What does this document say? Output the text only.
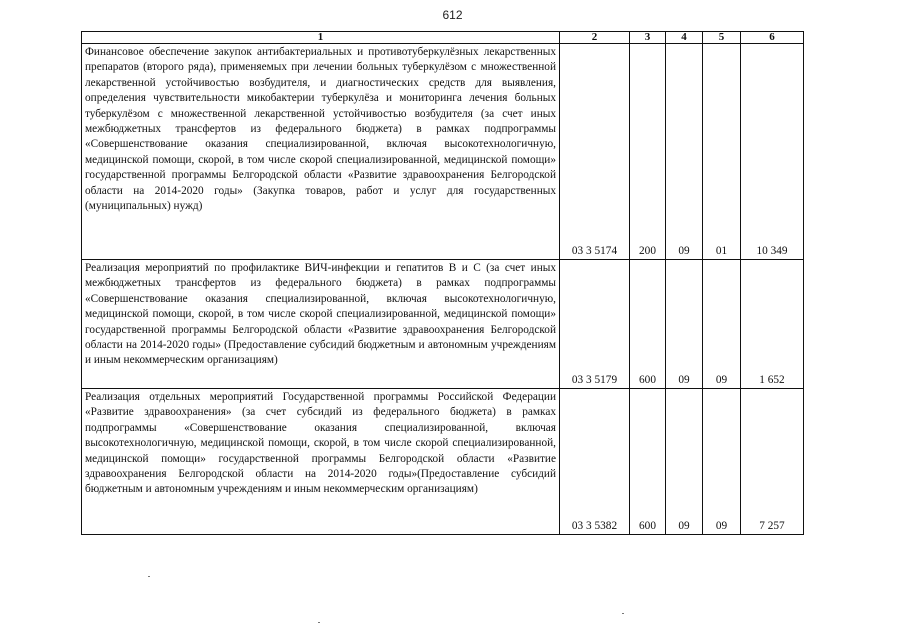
612
1	2	3	4	5	6
Финансовое обеспечение закупок антибактериальных и противотуберкулёзных лекарственных препаратов (второго ряда), применяемых при лечении больных туберкулёзом с множественной лекарственной устойчивостью возбудителя, и диагностических средств для выявления, определения чувствительности микобактерии туберкулёза и мониторинга лечения больных туберкулёзом с множественной лекарственной устойчивостью возбудителя (за счет иных межбюджетных трансфертов из федерального бюджета) в рамках подпрограммы «Совершенствование оказания специализированной, включая высокотехнологичную, медицинской помощи, скорой, в том числе скорой специализированной, медицинской помощи» государственной программы Белгородской области «Развитие здравоохранения Белгородской области на 2014-2020 годы» (Закупка товаров, работ и услуг для государственных (муниципальных) нужд)	03 3 5174	200	09	01	10 349
Реализация мероприятий по профилактике ВИЧ-инфекции и гепатитов В и С (за счет иных межбюджетных трансфертов из федерального бюджета) в рамках подпрограммы «Совершенствование оказания специализированной, включая высокотехнологичную, медицинской помощи, скорой, в том числе скорой специализированной, медицинской помощи» государственной программы Белгородской области «Развитие здравоохранения Белгородской области на 2014-2020 годы» (Предоставление субсидий бюджетным и автономным учреждениям и иным некоммерческим организациям)	03 3 5179	600	09	09	1 652
Реализация отдельных мероприятий Государственной программы Российской Федерации «Развитие здравоохранения» (за счет субсидий из федерального бюджета) в рамках подпрограммы «Совершенствование оказания специализированной, включая высокотехнологичную, медицинской помощи, скорой, в том числе скорой специализированной, медицинской помощи» государственной программы Белгородской области «Развитие здравоохранения Белгородской области на 2014-2020 годы»(Предоставление субсидий бюджетным и автономным учреждениям и иным некоммерческим организациям)	03 3 5382	600	09	09	7 257
